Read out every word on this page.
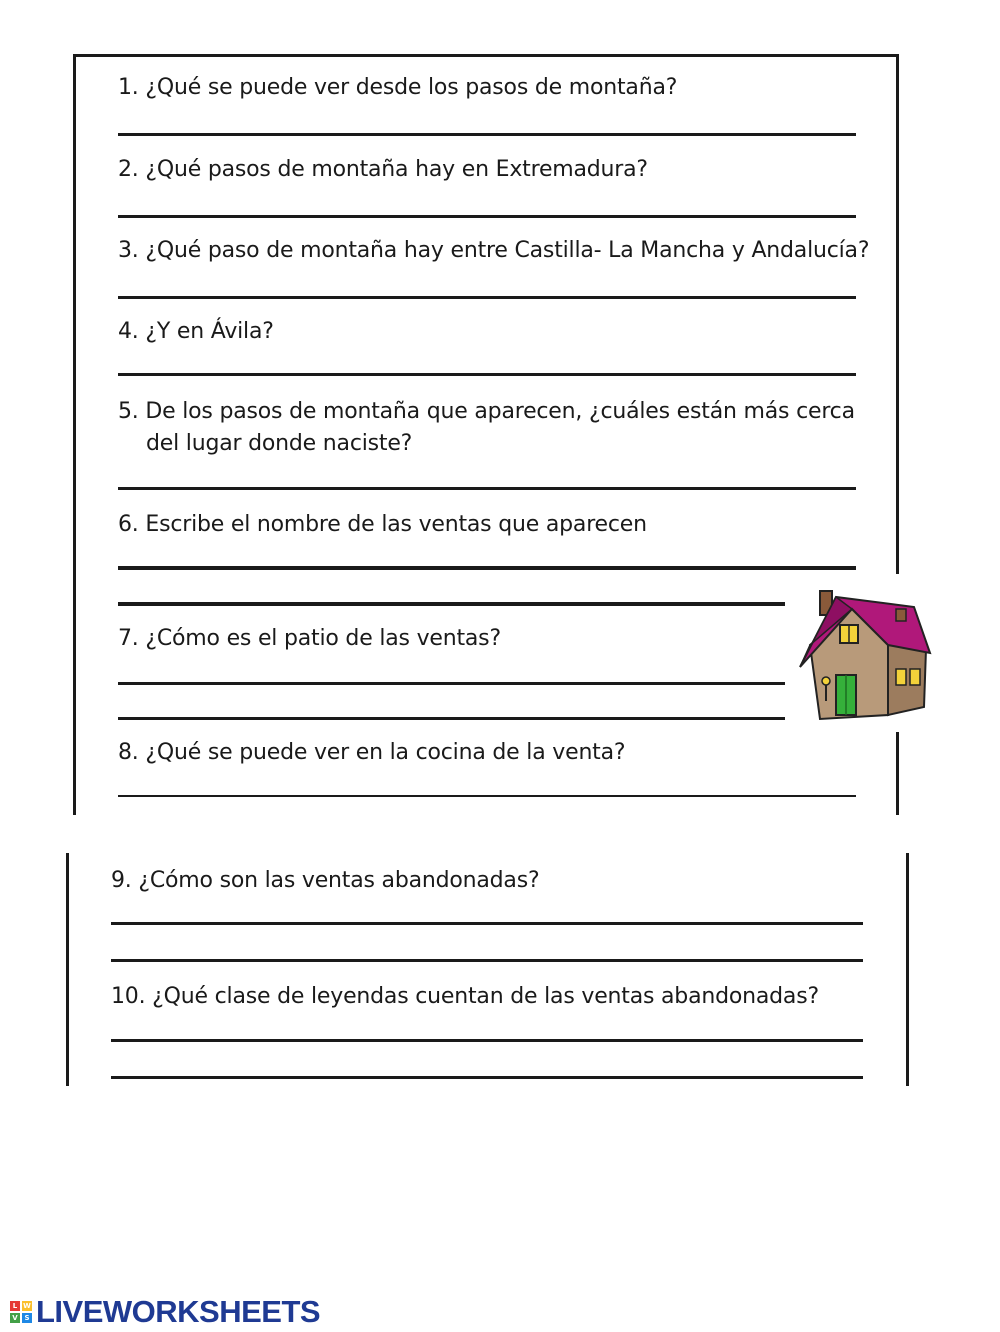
1. ¿Qué se puede ver desde los pasos de montaña?
2. ¿Qué pasos de montaña hay en Extremadura?
3. ¿Qué paso de montaña hay entre Castilla- La Mancha y Andalucía?
4. ¿Y en Ávila?
5. De los pasos de montaña que aparecen, ¿cuáles están más cerca
del lugar donde naciste?
6. Escribe el nombre de las ventas que aparecen
7. ¿Cómo es el patio de las ventas?
8. ¿Qué se puede ver en la cocina de la venta?
9. ¿Cómo son las ventas abandonadas?
10. ¿Qué clase de leyendas cuentan de las ventas abandonadas?
L W
V S LIVEWORKSHEETS
